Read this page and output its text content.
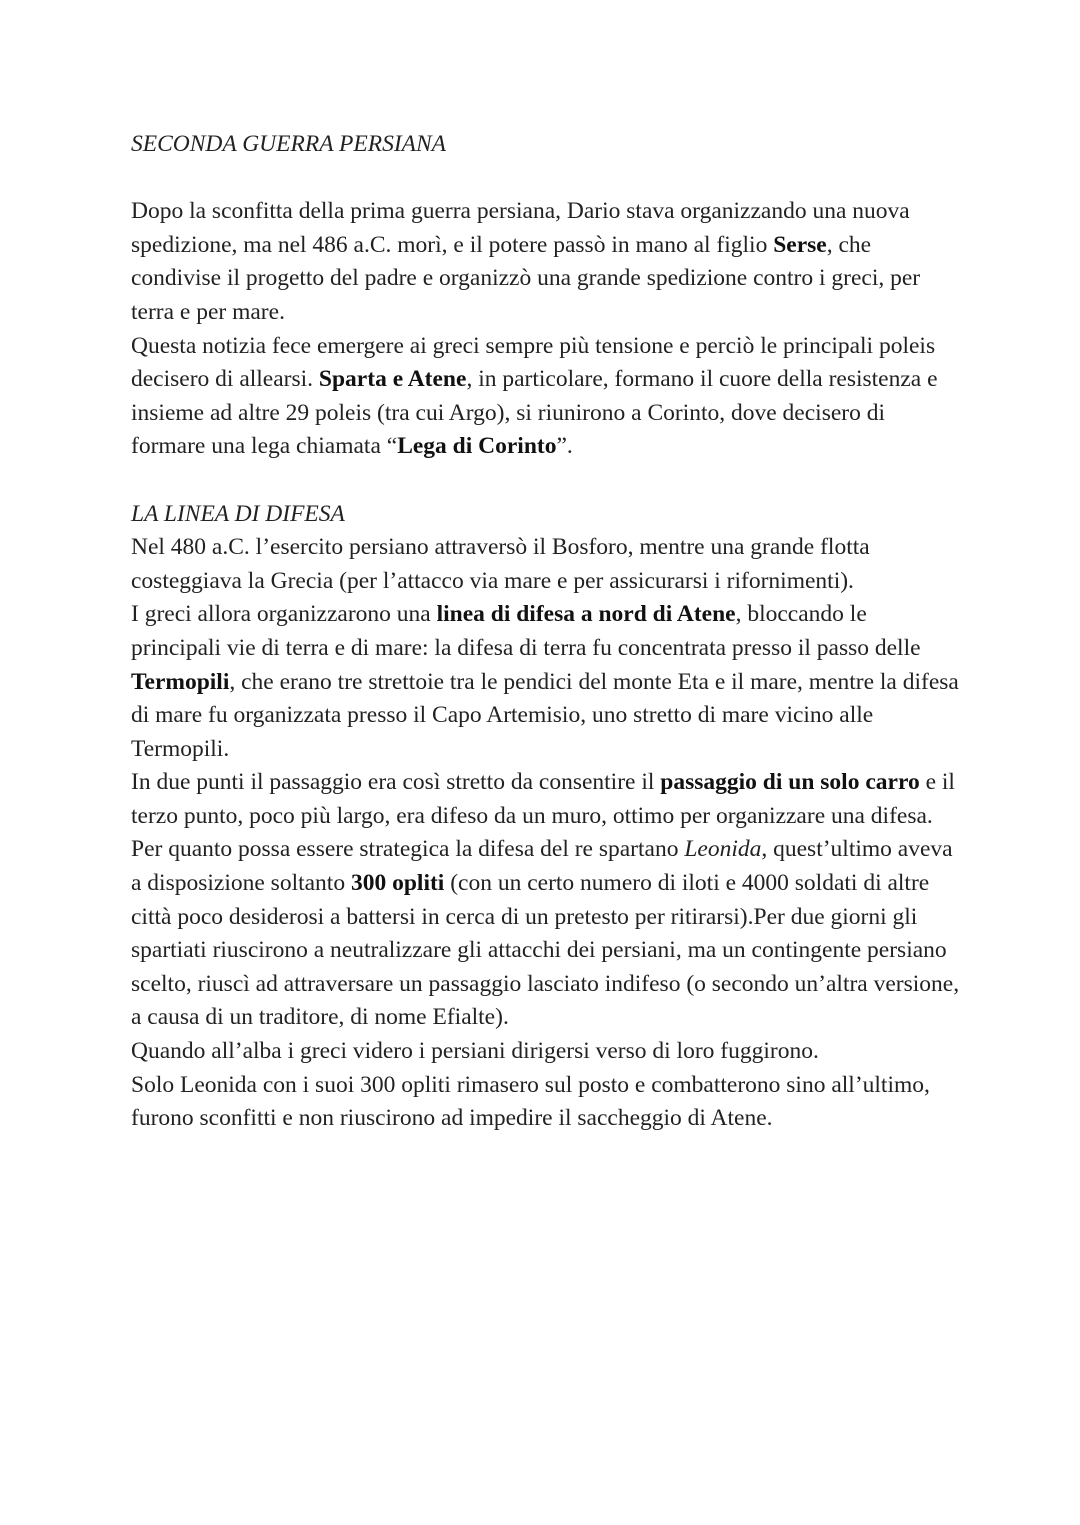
SECONDA GUERRA PERSIANA

Dopo la sconfitta della prima guerra persiana, Dario stava organizzando una nuova spedizione, ma nel 486 a.C. morì, e il potere passò in mano al figlio Serse, che condivise il progetto del padre e organizzò una grande spedizione contro i greci, per terra e per mare.

Questa notizia fece emergere ai greci sempre più tensione e perciò le principali poleis decisero di allearsi. Sparta e Atene, in particolare, formano il cuore della resistenza e insieme ad altre 29 poleis (tra cui Argo), si riunirono a Corinto, dove decisero di formare una lega chiamata “Lega di Corinto”.

LA LINEA DI DIFESA

Nel 480 a.C. l’esercito persiano attraversò il Bosforo, mentre una grande flotta costeggiava la Grecia (per l’attacco via mare e per assicurarsi i rifornimenti).

I greci allora organizzarono una linea di difesa a nord di Atene, bloccando le principali vie di terra e di mare: la difesa di terra fu concentrata presso il passo delle Termopili, che erano tre strettoie tra le pendici del monte Eta e il mare, mentre la difesa di mare fu organizzata presso il Capo Artemisio, uno stretto di mare vicino alle Termopili.

In due punti il passaggio era così stretto da consentire il passaggio di un solo carro e il terzo punto, poco più largo, era difeso da un muro, ottimo per organizzare una difesa.

Per quanto possa essere strategica la difesa del re spartano Leonida, quest’ultimo aveva a disposizione soltanto 300 opliti (con un certo numero di iloti e 4000 soldati di altre città poco desiderosi a battersi in cerca di un pretesto per ritirarsi).Per due giorni gli spartiati riuscirono a neutralizzare gli attacchi dei persiani, ma un contingente persiano scelto, riuscì ad attraversare un passaggio lasciato indifeso (o secondo un’altra versione, a causa di un traditore, di nome Efialte).

Quando all’alba i greci videro i persiani dirigersi verso di loro fuggirono.

Solo Leonida con i suoi 300 opliti rimasero sul posto e combatterono sino all’ultimo, furono sconfitti e non riuscirono ad impedire il saccheggio di Atene.
